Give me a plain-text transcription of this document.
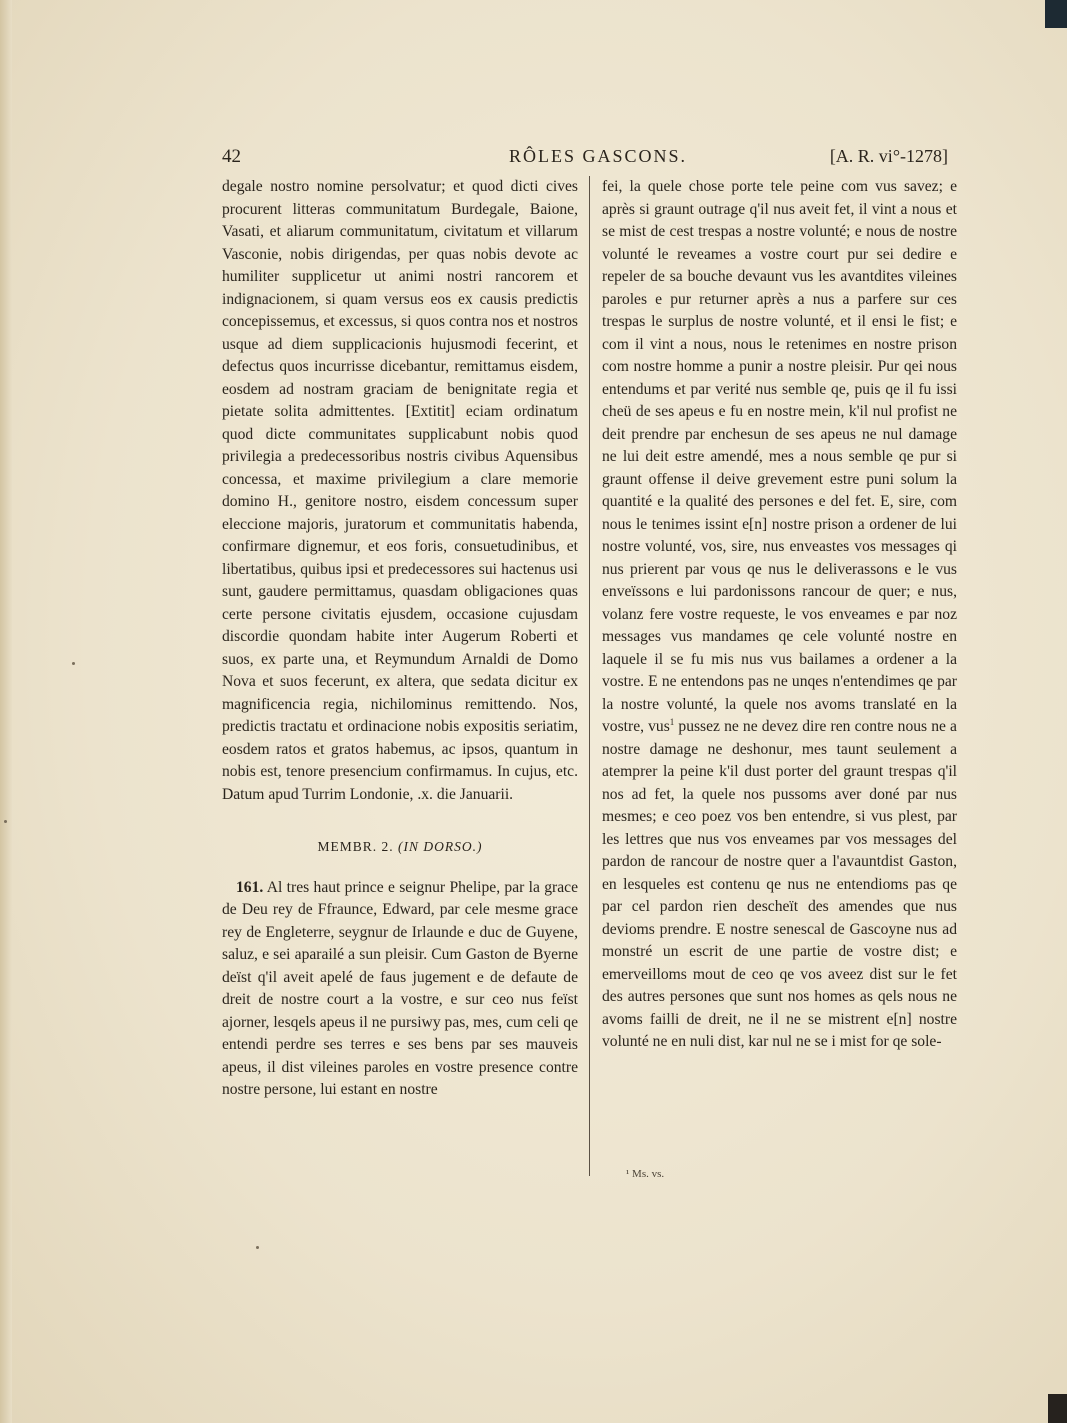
42	RÔLES GASCONS.	[A. R. vi°-1278]

degale nostro nomine persolvatur; et quod dicti cives procurent litteras communitatum Burdegale, Baione, Vasati, et aliarum communitatum, civitatum et villarum Vasconie, nobis dirigendas, per quas nobis devote ac humiliter supplicetur ut animi nostri rancorem et indignacionem, si quam versus eos ex causis predictis concepissemus, et excessus, si quos contra nos et nostros usque ad diem supplicacionis hujusmodi fecerint, et defectus quos incurrisse dicebantur, remittamus eisdem, eosdem ad nostram graciam de benignitate regia et pietate solita admittentes. [Extitit] eciam ordinatum quod dicte communitates supplicabunt nobis quod privilegia a predecessoribus nostris civibus Aquensibus concessa, et maxime privilegium a clare memorie domino H., genitore nostro, eisdem concessum super eleccione majoris, juratorum et communitatis habenda, confirmare dignemur, et eos foris, consuetudinibus, et libertatibus, quibus ipsi et predecessores sui hactenus usi sunt, gaudere permittamus, quasdam obligaciones quas certe persone civitatis ejusdem, occasione cujusdam discordie quondam habite inter Augerum Roberti et suos, ex parte una, et Reymundum Arnaldi de Domo Nova et suos fecerunt, ex altera, que sedata dicitur ex magnificencia regia, nichilominus remittendo. Nos, predictis tractatu et ordinacione nobis expositis seriatim, eosdem ratos et gratos habemus, ac ipsos, quantum in nobis est, tenore presencium confirmamus. In cujus, etc. Datum apud Turrim Londonie, .x. die Januarii.

MEMBR. 2. (IN DORSO.)

161. Al tres haut prince e seignur Phelipe, par la grace de Deu rey de Ffraunce, Edward, par cele mesme grace rey de Engleterre, seygnur de Irlaunde e duc de Guyene, saluz, e sei aparailé a sun pleisir. Cum Gaston de Byerne deïst q'il aveit apelé de faus jugement e de defaute de dreit de nostre court a la vostre, e sur ceo nus feïst ajorner, lesqels apeus il ne pursiwy pas, mes, cum celi qe entendi perdre ses terres e ses bens par ses mauveis apeus, il dist vileines paroles en vostre presence contre nostre persone, lui estant en nostre

fei, la quele chose porte tele peine com vus savez; e après si graunt outrage q'il nus aveit fet, il vint a nous et se mist de cest trespas a nostre volunté; e nous de nostre volunté le reveames a vostre court pur sei dedire e repeler de sa bouche devaunt vus les avantdites vileines paroles e pur returner après a nus a parfere sur ces trespas le surplus de nostre volunté, et il ensi le fist; e com il vint a nous, nous le retenimes en nostre prison com nostre homme a punir a nostre pleisir. Pur qei nous entendums et par verité nus semble qe, puis qe il fu issi cheü de ses apeus e fu en nostre mein, k'il nul profist ne deit prendre par enchesun de ses apeus ne nul damage ne lui deit estre amendé, mes a nous semble qe pur si graunt offense il deive grevement estre puni solum la quantité e la qualité des persones e del fet. E, sire, com nous le tenimes issint e[n] nostre prison a ordener de lui nostre volunté, vos, sire, nus enveastes vos messages qi nus prierent par vous qe nus le deliverassons e le vus enveïssons e lui pardonissons rancour de quer; e nus, volanz fere vostre requeste, le vos enveames e par noz messages vus mandames qe cele volunté nostre en laquele il se fu mis nus vus bailames a ordener a la vostre. E ne entendons pas ne unqes n'entendimes qe par la nostre volunté, la quele nos avoms translaté en la vostre, vus$^1$ pussez ne ne devez dire ren contre nous ne a nostre damage ne deshonur, mes taunt seulement a atemprer la peine k'il dust porter del graunt trespas q'il nos ad fet, la quele nos pussoms aver doné par nus mesmes; e ceo poez vos ben entendre, si vus plest, par les lettres que nus vos enveames par vos messages del pardon de rancour de nostre quer a l'avauntdist Gaston, en lesqueles est contenu qe nus ne entendioms pas qe par cel pardon rien descheït des amendes que nus devioms prendre. E nostre senescal de Gascoyne nus ad monstré un escrit de une partie de vostre dist; e emerveilloms mout de ceo qe vos aveez dist sur le fet des autres persones que sunt nos homes as qels nous ne avoms failli de dreit, ne il ne se mistrent e[n] nostre volunté ne en nuli dist, kar nul ne se i mist for qe sole-

¹ Ms. vs.
